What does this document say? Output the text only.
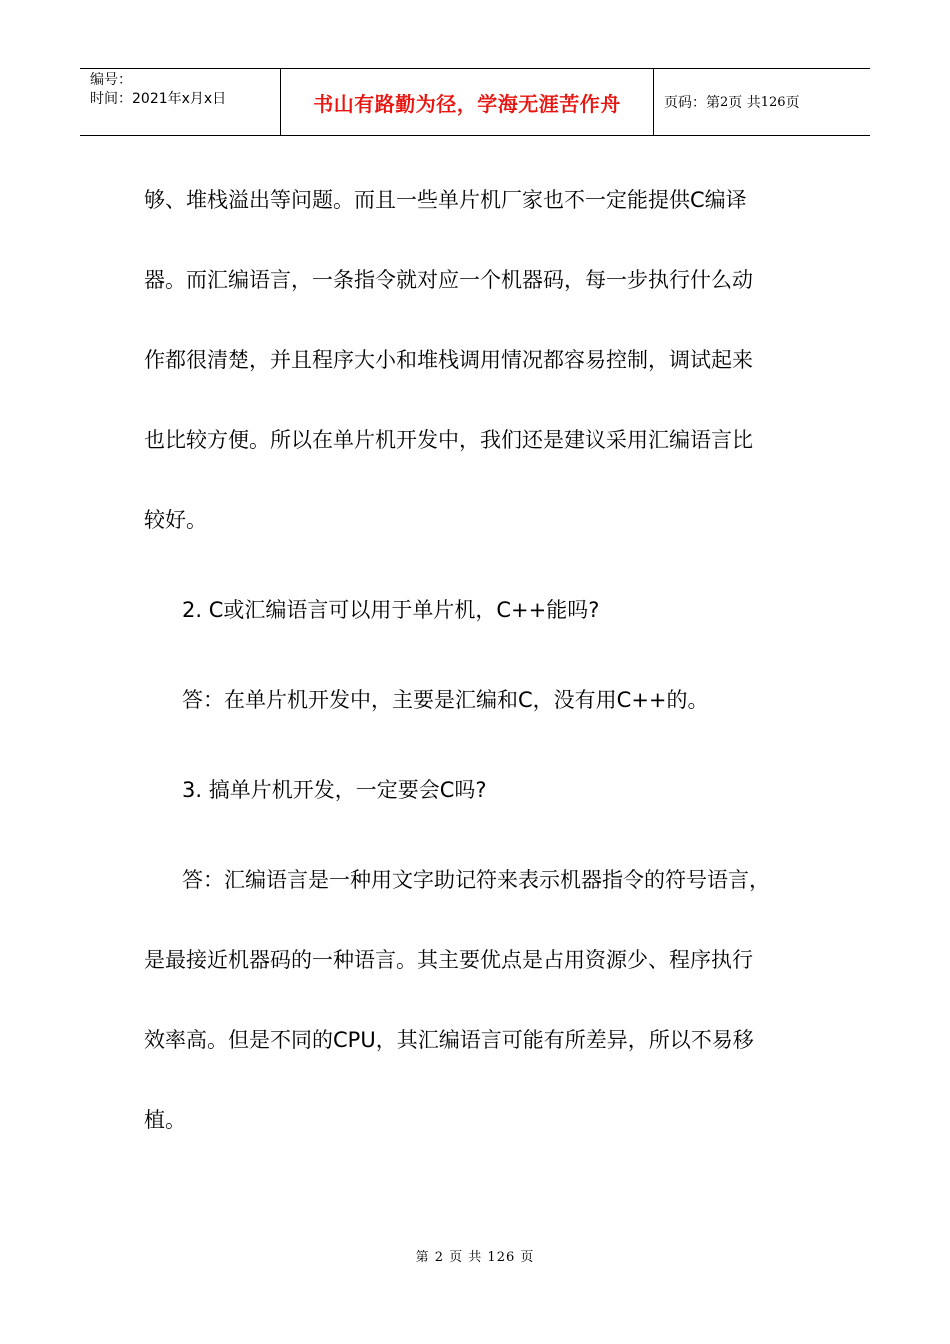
编号：
时间：2021年x月x日	书山有路勤为径，学海无涯苦作舟	页码：第 2 页 共 126 页

够、堆栈溢出等问题。而且一些单片机厂家也不一定能提供C编译

器。而汇编语言，一条指令就对应一个机器码，每一步执行什么动

作都很清楚，并且程序大小和堆栈调用情况都容易控制，调试起来

也比较方便。所以在单片机开发中，我们还是建议采用汇编语言比

较好。

2. C或汇编语言可以用于单片机，C++能吗?

答：在单片机开发中，主要是汇编和C，没有用C++的。

3. 搞单片机开发，一定要会C吗?

答：汇编语言是一种用文字助记符来表示机器指令的符号语言，

是最接近机器码的一种语言。其主要优点是占用资源少、程序执行

效率高。但是不同的CPU，其汇编语言可能有所差异，所以不易移

植。

第 2 页 共 126 页
